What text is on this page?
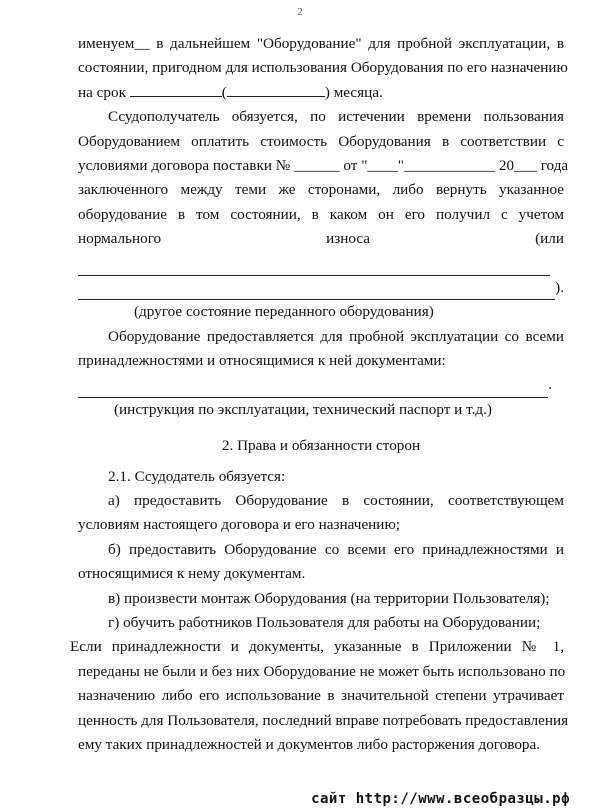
2
именуем__ в дальнейшем "Оборудование" для пробной эксплуатации, в
состоянии, пригодном для использования Оборудования по его назначению
на срок	(	) месяца.
Ссудополучатель обязуется, по истечении времени пользования
Оборудованием оплатить стоимость Оборудования в соответствии с
условиями договора поставки № ______ от "____"____________ 20___ года
заключенного между теми же сторонами, либо вернуть указанное
оборудование в том состоянии, в каком он его получил с учетом
нормального	износа	(или
).
(другое состояние переданного оборудования)
Оборудование предоставляется для пробной эксплуатации со всеми
принадлежностями и относящимися к ней документами:
.
(инструкция по эксплуатации, технический паспорт и т.д.)
2. Права и обязанности сторон
2.1. Ссудодатель обязуется:
а) предоставить Оборудование в состоянии, соответствующем
условиям настоящего договора и его назначению;
б) предоставить Оборудование со всеми его принадлежностями и
относящимися к нему документам.
в) произвести монтаж Оборудования (на территории Пользователя);
г) обучить работников Пользователя для работы на Оборудовании;
Если принадлежности и документы, указанные в Приложении № 1,
переданы не были и без них Оборудование не может быть использовано по
назначению либо его использование в значительной степени утрачивает
ценность для Пользователя, последний вправе потребовать предоставления
ему таких принадлежностей и документов либо расторжения договора.
сайт http://www.всеобразцы.рф
